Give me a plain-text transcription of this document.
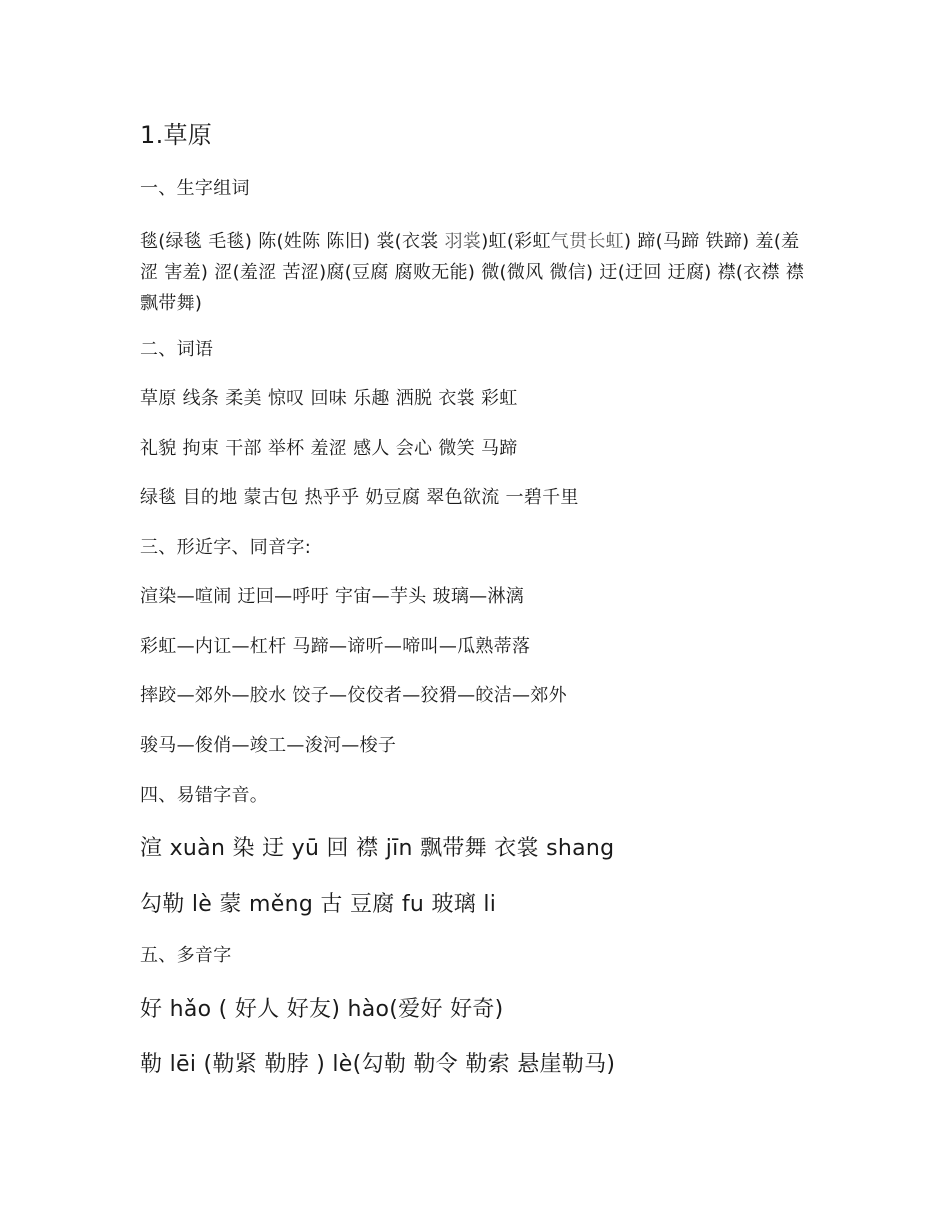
1.草原
一、生字组词
毯(绿毯 毛毯) 陈(姓陈 陈旧) 裳(衣裳 羽裳)虹(彩虹气贯长虹) 蹄(马蹄 铁蹄) 羞(羞涩 害羞) 涩(羞涩 苦涩)腐(豆腐 腐败无能) 微(微风 微信) 迂(迂回 迂腐) 襟(衣襟 襟飘带舞)
二、词语
草原 线条 柔美 惊叹 回味 乐趣 洒脱 衣裳 彩虹
礼貌 拘束 干部 举杯 羞涩 感人 会心 微笑 马蹄
绿毯 目的地 蒙古包 热乎乎 奶豆腐 翠色欲流 一碧千里
三、形近字、同音字:
渲染—喧闹 迂回—呼吁 宇宙—芋头 玻璃—淋漓
彩虹—内讧—杠杆 马蹄—谛听—啼叫—瓜熟蒂落
摔跤—郊外—胶水 饺子—佼佼者—狡猾—皎洁—郊外
骏马—俊俏—竣工—浚河—梭子
四、易错字音。
渲 xuàn 染 迂 yū 回 襟 jīn 飘带舞 衣裳 shang
勾勒 lè 蒙 měng 古 豆腐 fu 玻璃 li
五、多音字
好 hǎo ( 好人 好友) hào(爱好 好奇)
勒 lēi (勒紧 勒脖 ) lè(勾勒 勒令 勒索 悬崖勒马)
